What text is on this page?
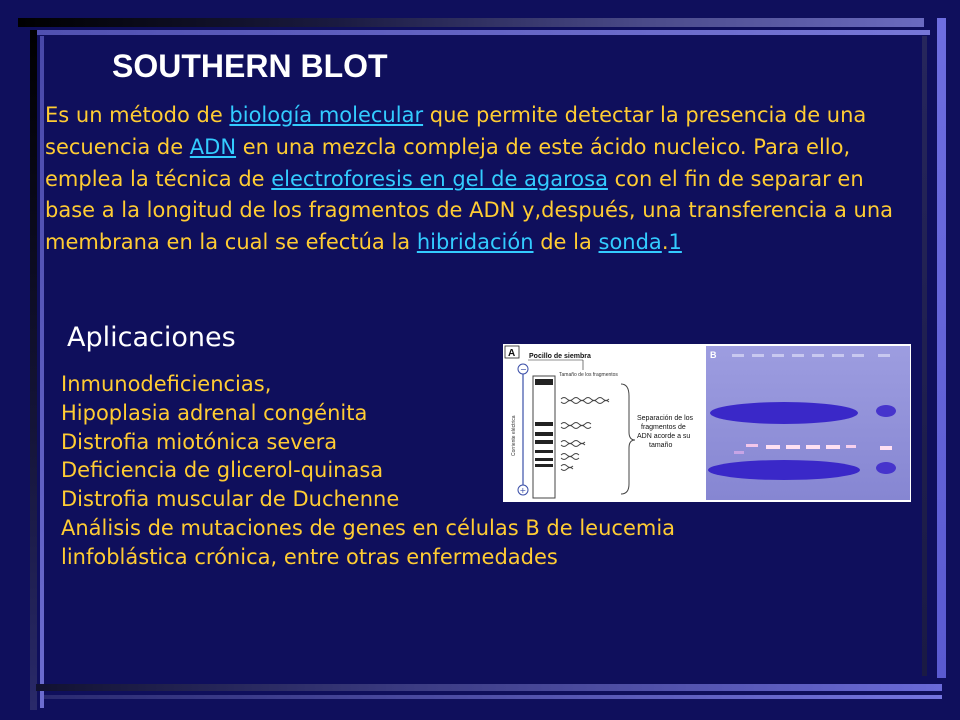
SOUTHERN BLOT

Es un método de biología molecular que permite detectar la presencia de una secuencia de ADN en una mezcla compleja de este ácido nucleico. Para ello, emplea la técnica de electroforesis en gel de agarosa con el fin de separar en base a la longitud de los fragmentos de ADN y,después, una transferencia a una membrana en la cual se efectúa la hibridación de la sonda.1

Aplicaciones
Inmunodeficiencias,
Hipoplasia adrenal congénita
Distrofia miotónica severa
Deficiencia de glicerol-quinasa
Distrofia muscular de Duchenne
Análisis de mutaciones de genes en células B de leucemia
linfoblástica crónica, entre otras enfermedades
A Pocillo de siembra
−
+
Corriente eléctrica
Tamaño de los fragmentos
Separación de los
fragmentos de
ADN acorde a su
tamaño
B
